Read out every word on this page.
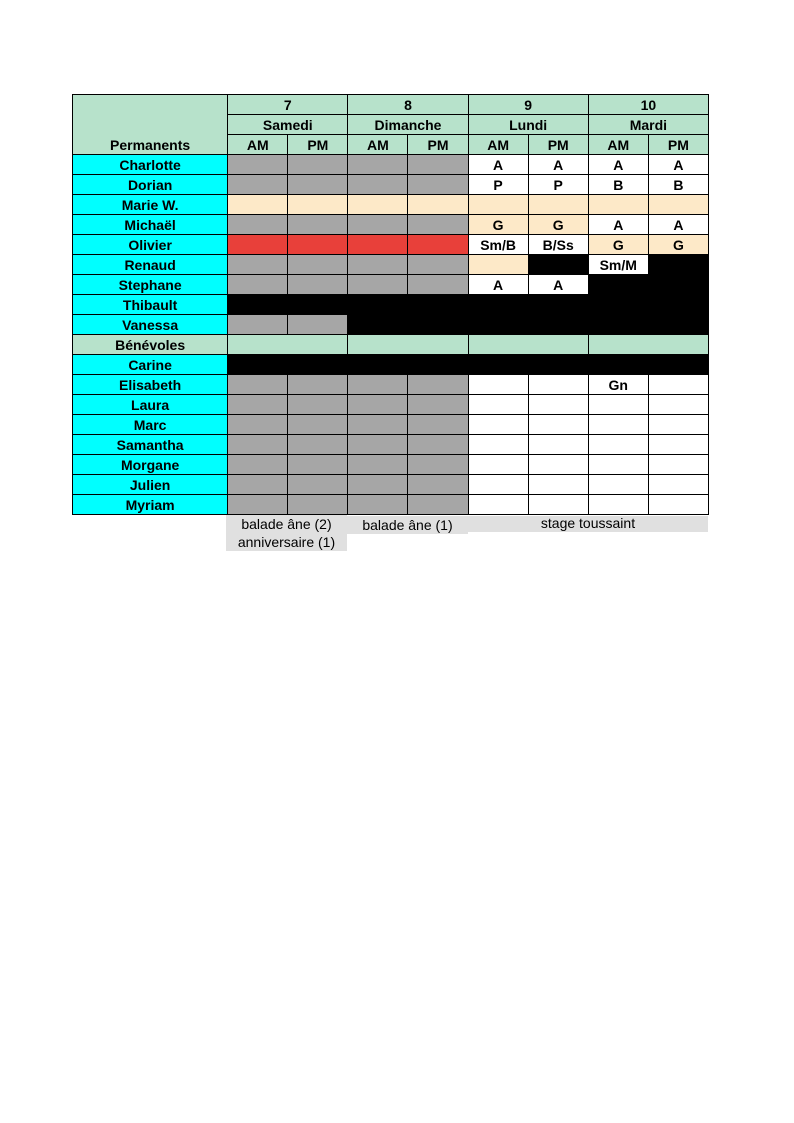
Permanents	7		8		9		10	
	Samedi		Dimanche		Lundi		Mardi	
	AM	PM	AM	PM	AM	PM	AM	PM
Charlotte					A	A	A	A
Dorian					P	P	B	B
Marie W.								
Michaël					G	G	A	A
Olivier					Sm/B	B/Ss	G	G
Renaud							Sm/M	
Stephane					A	A		
Thibault								
Vanessa								
Bénévoles								
Carine								
Elisabeth							Gn	
Laura								
Marc								
Samantha								
Morgane								
Julien								
Myriam								
balade âne (2)
anniversaire (1)
balade âne (1)	stage toussaint
